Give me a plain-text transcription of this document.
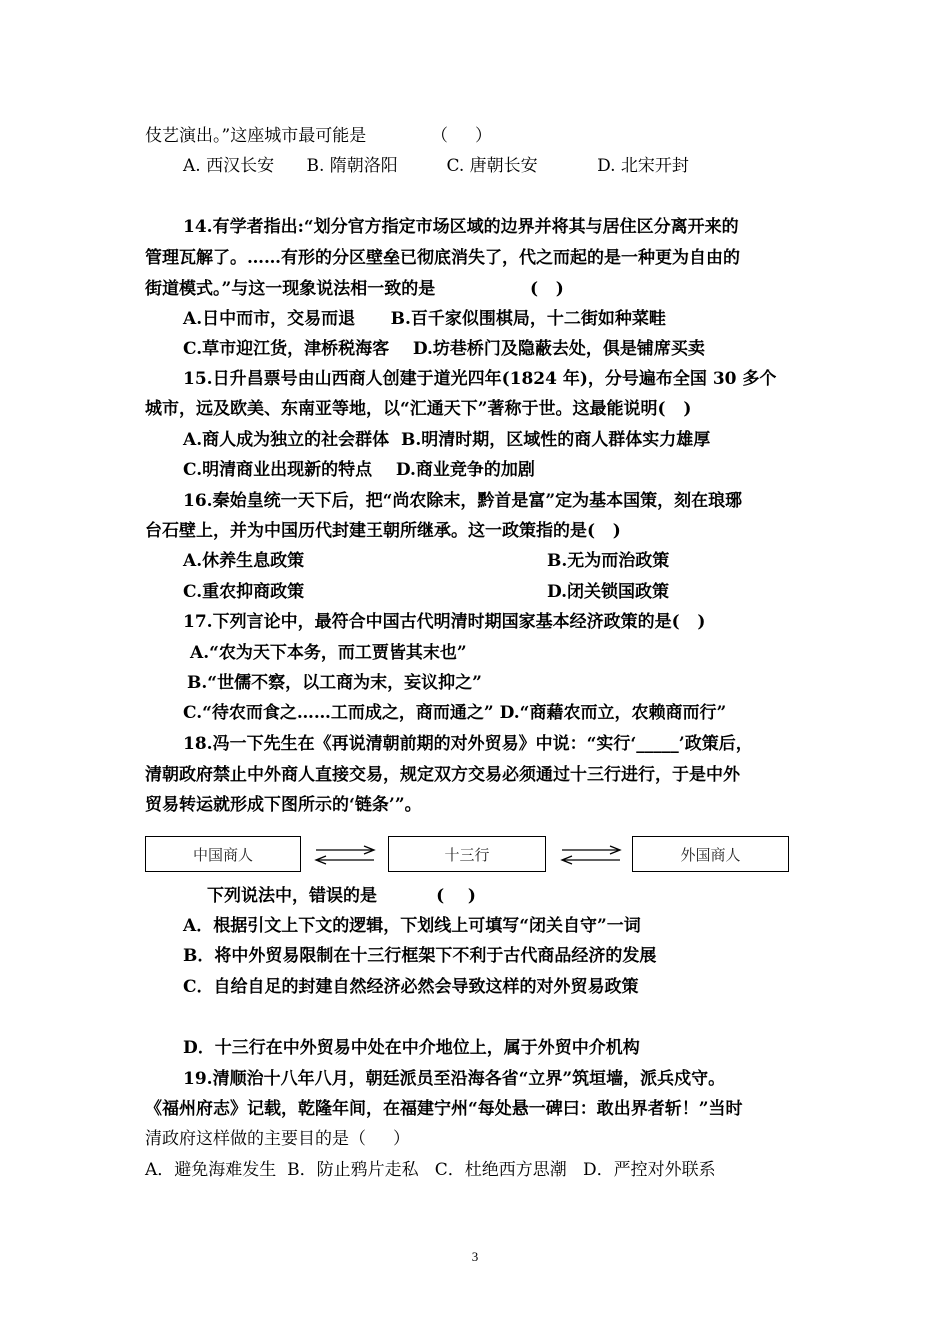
伎艺演出。”这座城市最可能是            （     ）
A. 西汉长安      B. 隋朝洛阳         C. 唐朝长安           D. 北宋开封
14.有学者指出:“划分官方指定市场区域的边界并将其与居住区分离开来的
管理瓦解了。……有形的分区壁垒已彻底消失了，代之而起的是一种更为自由的
街道模式。”与这一现象说法相一致的是                (   )
A.日中而市，交易而退      B.百千家似围棋局，十二街如种菜畦
C.草市迎江货，津桥税海客    D.坊巷桥门及隐蔽去处，俱是铺席买卖
15.日升昌票号由山西商人创建于道光四年(1824 年)，分号遍布全国 30 多个
城市，远及欧美、东南亚等地，以“汇通天下”著称于世。这最能说明(   )
A.商人成为独立的社会群体  B.明清时期，区域性的商人群体实力雄厚
C.明清商业出现新的特点    D.商业竞争的加剧
16.秦始皇统一天下后，把“尚农除末，黔首是富”定为基本国策，刻在琅琊
台石壁上，并为中国历代封建王朝所继承。这一政策指的是(   )
A.休养生息政策	B.无为而治政策
C.重农抑商政策	D.闭关锁国政策
17.下列言论中，最符合中国古代明清时期国家基本经济政策的是(   )
A.“农为天下本务，而工贾皆其末也”
B.“世儒不察，以工商为末，妄议抑之”
C.“待农而食之……工而成之，商而通之” D.“商藉农而立，农赖商而行”
18.冯一下先生在《再说清朝前期的对外贸易》中说：“实行‘_____’政策后，
清朝政府禁止中外商人直接交易，规定双方交易必须通过十三行进行，于是中外
贸易转运就形成下图所示的‘链条’”。
中国商人	十三行	外国商人
下列说法中，错误的是          (    )
A．根据引文上下文的逻辑，下划线上可填写“闭关自守”一词
B．将中外贸易限制在十三行框架下不利于古代商品经济的发展
C．自给自足的封建自然经济必然会导致这样的对外贸易政策
D．十三行在中外贸易中处在中介地位上，属于外贸中介机构
19.清顺治十八年八月，朝廷派员至沿海各省“立界”筑垣墙，派兵戍守。
《福州府志》记载，乾隆年间，在福建宁州“每处悬一碑曰：敢出界者斩！”当时
清政府这样做的主要目的是（     ）
A．避免海难发生  B．防止鸦片走私   C．杜绝西方思潮   D．严控对外联系
3
